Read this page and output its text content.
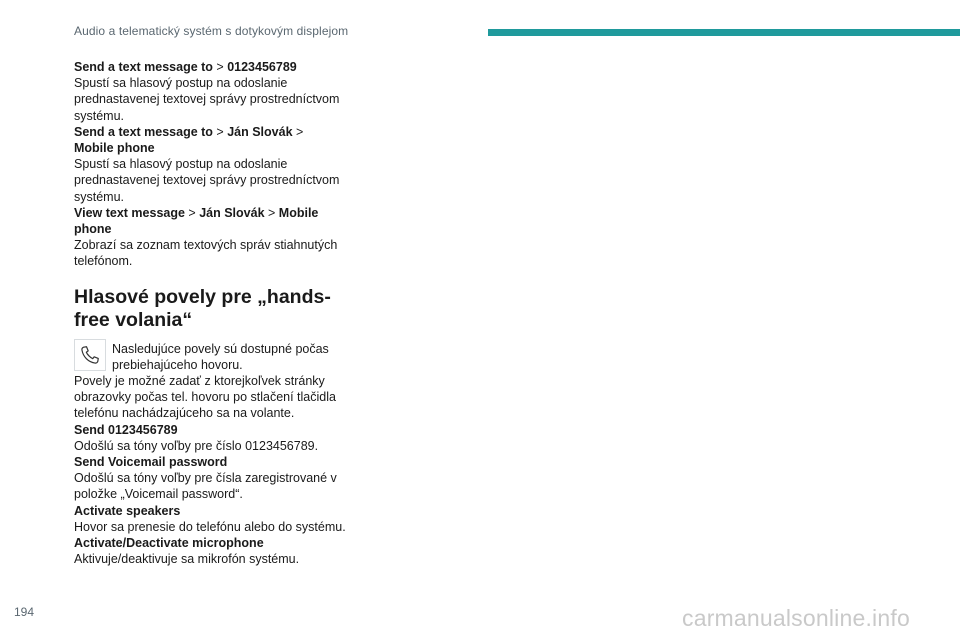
Audio a telematický systém s dotykovým displejom

Send a text message to > 0123456789

Spustí sa hlasový postup na odoslanie prednastavenej textovej správy prostredníctvom systému.

Send a text message to > Ján Slovák >
Mobile phone

Spustí sa hlasový postup na odoslanie prednastavenej textovej správy prostredníctvom systému.

View text message > Ján Slovák > Mobile phone

Zobrazí sa zoznam textových správ stiahnutých telefónom.

Hlasové povely pre „hands-free volania“
Nasledujúce povely sú dostupné počas prebiehajúceho hovoru.

Povely je možné zadať z ktorejkoľvek stránky obrazovky počas tel. hovoru po stlačení tlačidla telefónu nachádzajúceho sa na volante.

Send 0123456789

Odošlú sa tóny voľby pre číslo 0123456789.

Send Voicemail password

Odošlú sa tóny voľby pre čísla zaregistrované v položke „Voicemail password“.

Activate speakers

Hovor sa prenesie do telefónu alebo do systému.

Activate/Deactivate microphone

Aktivuje/deaktivuje sa mikrofón systému.

194	carmanualsonline.info
